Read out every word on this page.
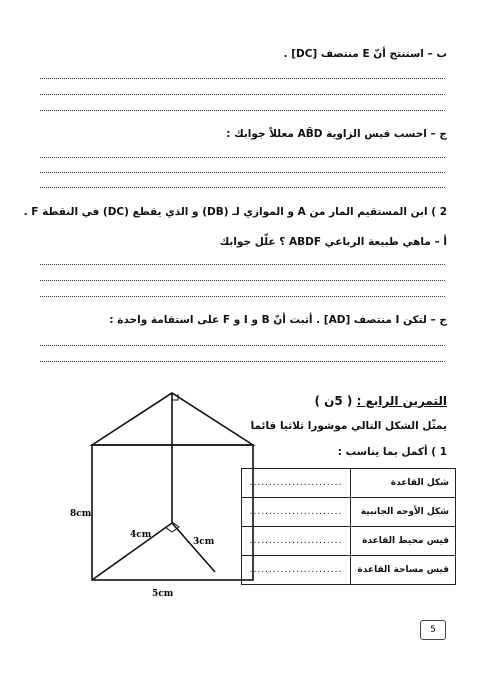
ب – استنتج أنّ E منتصف [DC] .
ج – احسب قيس الزاوية AB̂D معللاً جوابك :
2 ) ابن المستقيم المار من A و الموازي لـ (DB) و الذي يقطع (DC) في النقطة F .
أ – ماهي طبيعة الرباعي ABDF ؟ علّل جوابك
ج – لتكن I منتصف [AD] . أثبت أنّ B و I و F على استقامة واحدة :
التمرين الرابع : ( 5ن )
يمثّل الشكل التالي موشورا ثلاثيا قائما
1 ) أكمل بما يناسب :
........................	شكل القاعدة
........................	شكل الأوجه الجانبية
........................	قيس محيط القاعدة
........................	قيس مساحة القاعدة
8cm
4cm
3cm
5cm
5
